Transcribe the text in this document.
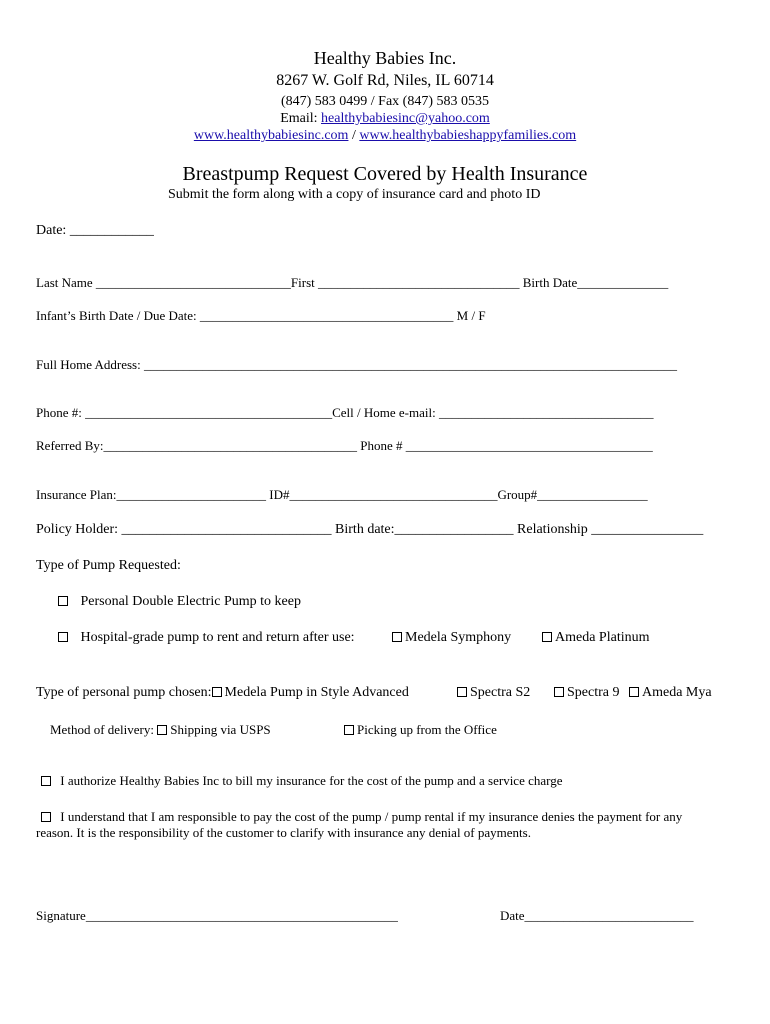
Healthy Babies Inc.
8267 W. Golf Rd, Niles, IL 60714
(847) 583 0499 / Fax (847) 583 0535
Email: healthybabiesinc@yahoo.com
www.healthybabiesinc.com / www.healthybabieshappyfamilies.com
Breastpump Request Covered by Health Insurance
Submit the form along with a copy of insurance card and photo ID
Date: ____________
Last Name ______________________________First _______________________________ Birth Date______________
Infant’s Birth Date / Due Date: _______________________________________ M / F
Full Home Address: __________________________________________________________________________________
Phone #: ______________________________________Cell / Home e-mail: _________________________________
Referred By:_______________________________________ Phone # ______________________________________
Insurance Plan:_______________________ ID#________________________________Group#_________________
Policy Holder: ______________________________ Birth date:_________________ Relationship ________________
Type of Pump Requested:
Personal Double Electric Pump to keep
Hospital-grade pump to rent and return after use:	Medela Symphony	Ameda Platinum
Type of personal pump chosen: Medela Pump in Style Advanced	Spectra S2	Spectra 9	Ameda Mya
Method of delivery: Shipping via USPS	Picking up from the Office
I authorize Healthy Babies Inc to bill my insurance for the cost of the pump and a service charge
I understand that I am responsible to pay the cost of the pump / pump rental if my insurance denies the payment for any
reason. It is the responsibility of the customer to clarify with insurance any denial of payments.
Signature________________________________________________	Date__________________________
